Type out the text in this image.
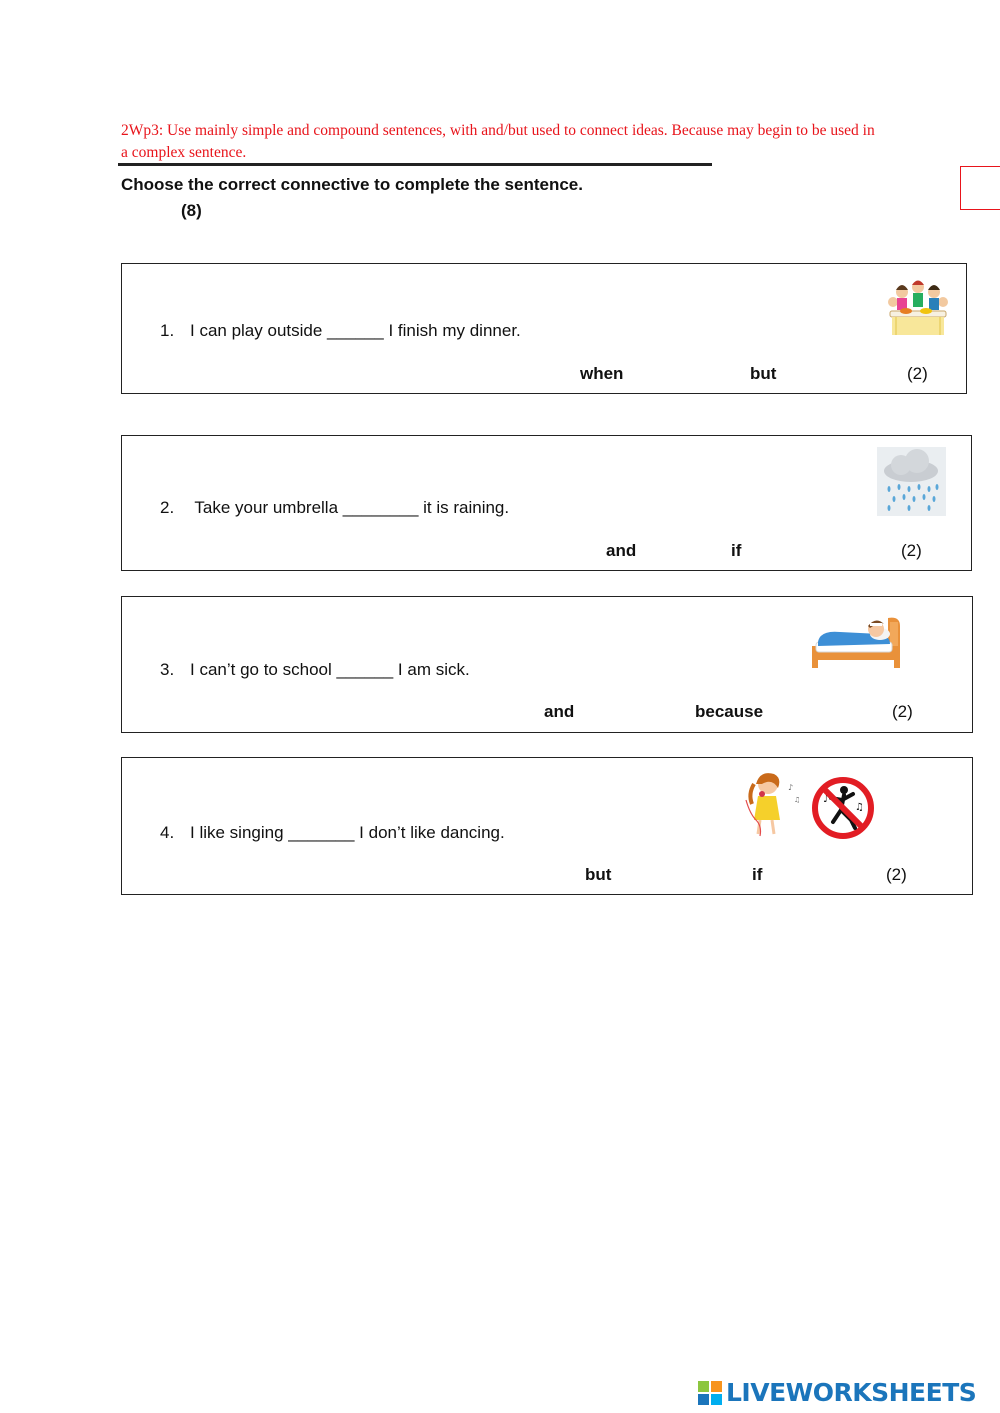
2Wp3: Use mainly simple and compound sentences, with and/but used to connect ideas. Because may begin to be used in a complex sentence.
Choose the correct connective to complete the sentence.
(8)
1. I can play outside ______ I finish my dinner.
when	but	(2)
2. Take your umbrella ________ it is raining.
and	if	(2)
3. I can’t go to school ______ I am sick.
and	because	(2)
4. I like singing _______ I don’t like dancing.
but	if	(2)
♪
♫ ♪
♫
LIVEWORKSHEETS
